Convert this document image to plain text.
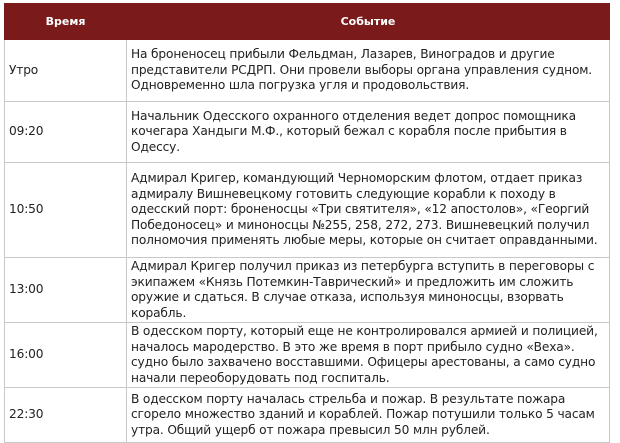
Время	Событие
Утро	На броненосец прибыли Фельдман, Лазарев, Виноградов и другие представители РСДРП. Они провели выборы органа управления судном. Одновременно шла погрузка угля и продовольствия.
09:20	Начальник Одесского охранного отделения ведет допрос помощника кочегара Хандыги М.Ф., который бежал с корабля после прибытия в Одессу.
10:50	Адмирал Кригер, командующий Черноморским флотом, отдает приказ адмиралу Вишневецкому готовить следующие корабли к походу в одесский порт: броненосцы «Три святителя», «12 апостолов», «Георгий Победоносец» и миноносцы №255, 258, 272, 273. Вишневецкий получил полномочия применять любые меры, которые он считает оправданными.
13:00	Адмирал Кригер получил приказ из петербурга вступить в переговоры с экипажем «Князь Потемкин-Таврический» и предложить им сложить оружие и сдаться. В случае отказа, используя миноносцы, взорвать корабль.
16:00	В одесском порту, который еще не контролировался армией и полицией, началось мародерство. В это же время в порт прибыло судно «Веха». судно было захвачено восставшими. Офицеры арестованы, а само судно начали переоборудовать под госпиталь.
22:30	В одесском порту началась стрельба и пожар. В результате пожара сгорело множество зданий и кораблей. Пожар потушили только 5 часам утра. Общий ущерб от пожара превысил 50 млн рублей.
